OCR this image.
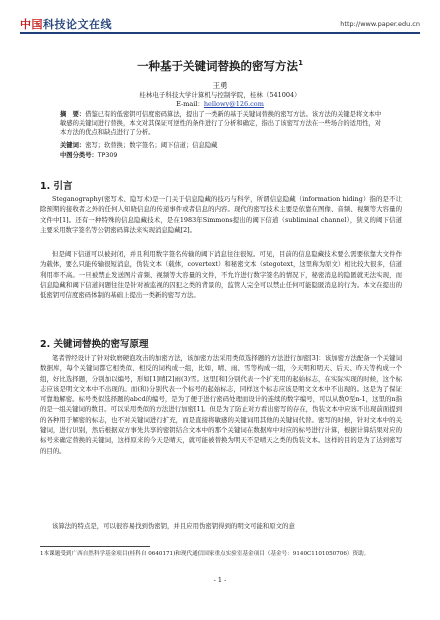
中国科技论文在线	http://www.paper.edu.cn
一种基于关键词替换的密写方法$^1$
王勇
桂林电子科技大学计算机与控制学院，桂林（541004）
E-mail：hellowy@126.com
摘　要：借鉴已有的低密钥可信度密码算法，提出了一类新的基于关键词替换的密写方法。该方法的关键是将文本中敏感的关键词进行替换，本文对其保证可逆性的条件进行了分析和确定，指出了该密写方法在一些场合的适用性，对本方法的优点和缺点进行了分析。
关键词：密写；软替换；数字签名；阈下信道；信息隐藏
中图分类号：TP309
1. 引言

Steganography(密写术、隐写术)是一门关于信息隐藏的技巧与科学，所谓信息隐藏（information hiding）指的是不让除预期的接收者之外的任何人知晓信息的传递事件或者信息的内容。现代的密写技术主要是依靠在图像、音频、视频等大容量的文件中[1]。还有一种特殊的信息隐藏技术，是在1983年Simmons提出的阈下信道（subliminal channel），狭义的阈下信道主要采用数字签名等公钥密码算法来实现消息隐藏[2]。

但是阈下信道可以被封闭，并且利用数字签名传输的阈下消息往往很短。可见，目前的信息隐藏技术要么需要依靠大文件作为载体，要么只能传输很短消息，伪装文本（载体，covertext）和秘密文本（stegotext，这里称为原文）相比较大很多，信道利用率不高。一旦被禁止发送图片音频、视频等大容量的文件，不允许进行数字签名的情况下，秘密消息的隐匿就无法实现，而信息隐藏和阈下信道问题往往是针对被监视的囚犯之类的背景的，监管人完全可以禁止任何可能隐匿消息的行为。本文在提出的低密钥可信度密码体制的基础上提出一类新的密写方法。

2. 关键词替换的密写原理

笔者曾经设计了针对软磨硬泡攻击的加密方法，该加密方法采用类似选择题的方法进行加密[3]：该加密方法配备一个关键词数据库，每个关键词都它相类似、相反的词构成一组，比如，晴、雨、雪等构成一组，今天明和明天、后天、昨天等构成一个组，好比选择题，分别加以编号，形如[1]晴[2]雨(3)雪。这里[和]分别代表一个扩充用的起始标志，在实际实现的时候，这个标志应该是明文文本中不出现的。而(和)分别代表一个标号的起始标志，同样这个标志应该是明文文本中不出现的。这是为了保证可靠地解密。标号类似选择题的abcd的编号，是为了便于进行密码处理而设计的连续的数字编号，可以从数0至n-1，这里的n指的是一组关键词的数目。可以采用类似的方法进行加密[1]。但是为了防止对方看出密写的存在，伪装文本中应该不出现前面提到的各种用于解密的标志，也不对关键词进行扩充，而是直接将敏感的关键词用其他的关键词代替。密写的时候，针对文本中的关键词，进行识别，然后根据双方事先共享的密钥结合文本中的那个关键词在数据库中对应的标号进行计算，根据计算结果对应的标号来确定替换的关键词，这样原来的今天是晴天，就可能被替换为明天不是晴天之类的伪装文本。这样的目的是为了达到密写的目的。

该算法的特点是，可以很容易找到伪密钥，并且应用伪密钥得到的明文可能和原文的意

1本课题受到广西自然科学基金项目(桂科自 0640171)和现代通信国家重点实验室基金项目（基金号：9140C1101050706）资助。
- 1 -
